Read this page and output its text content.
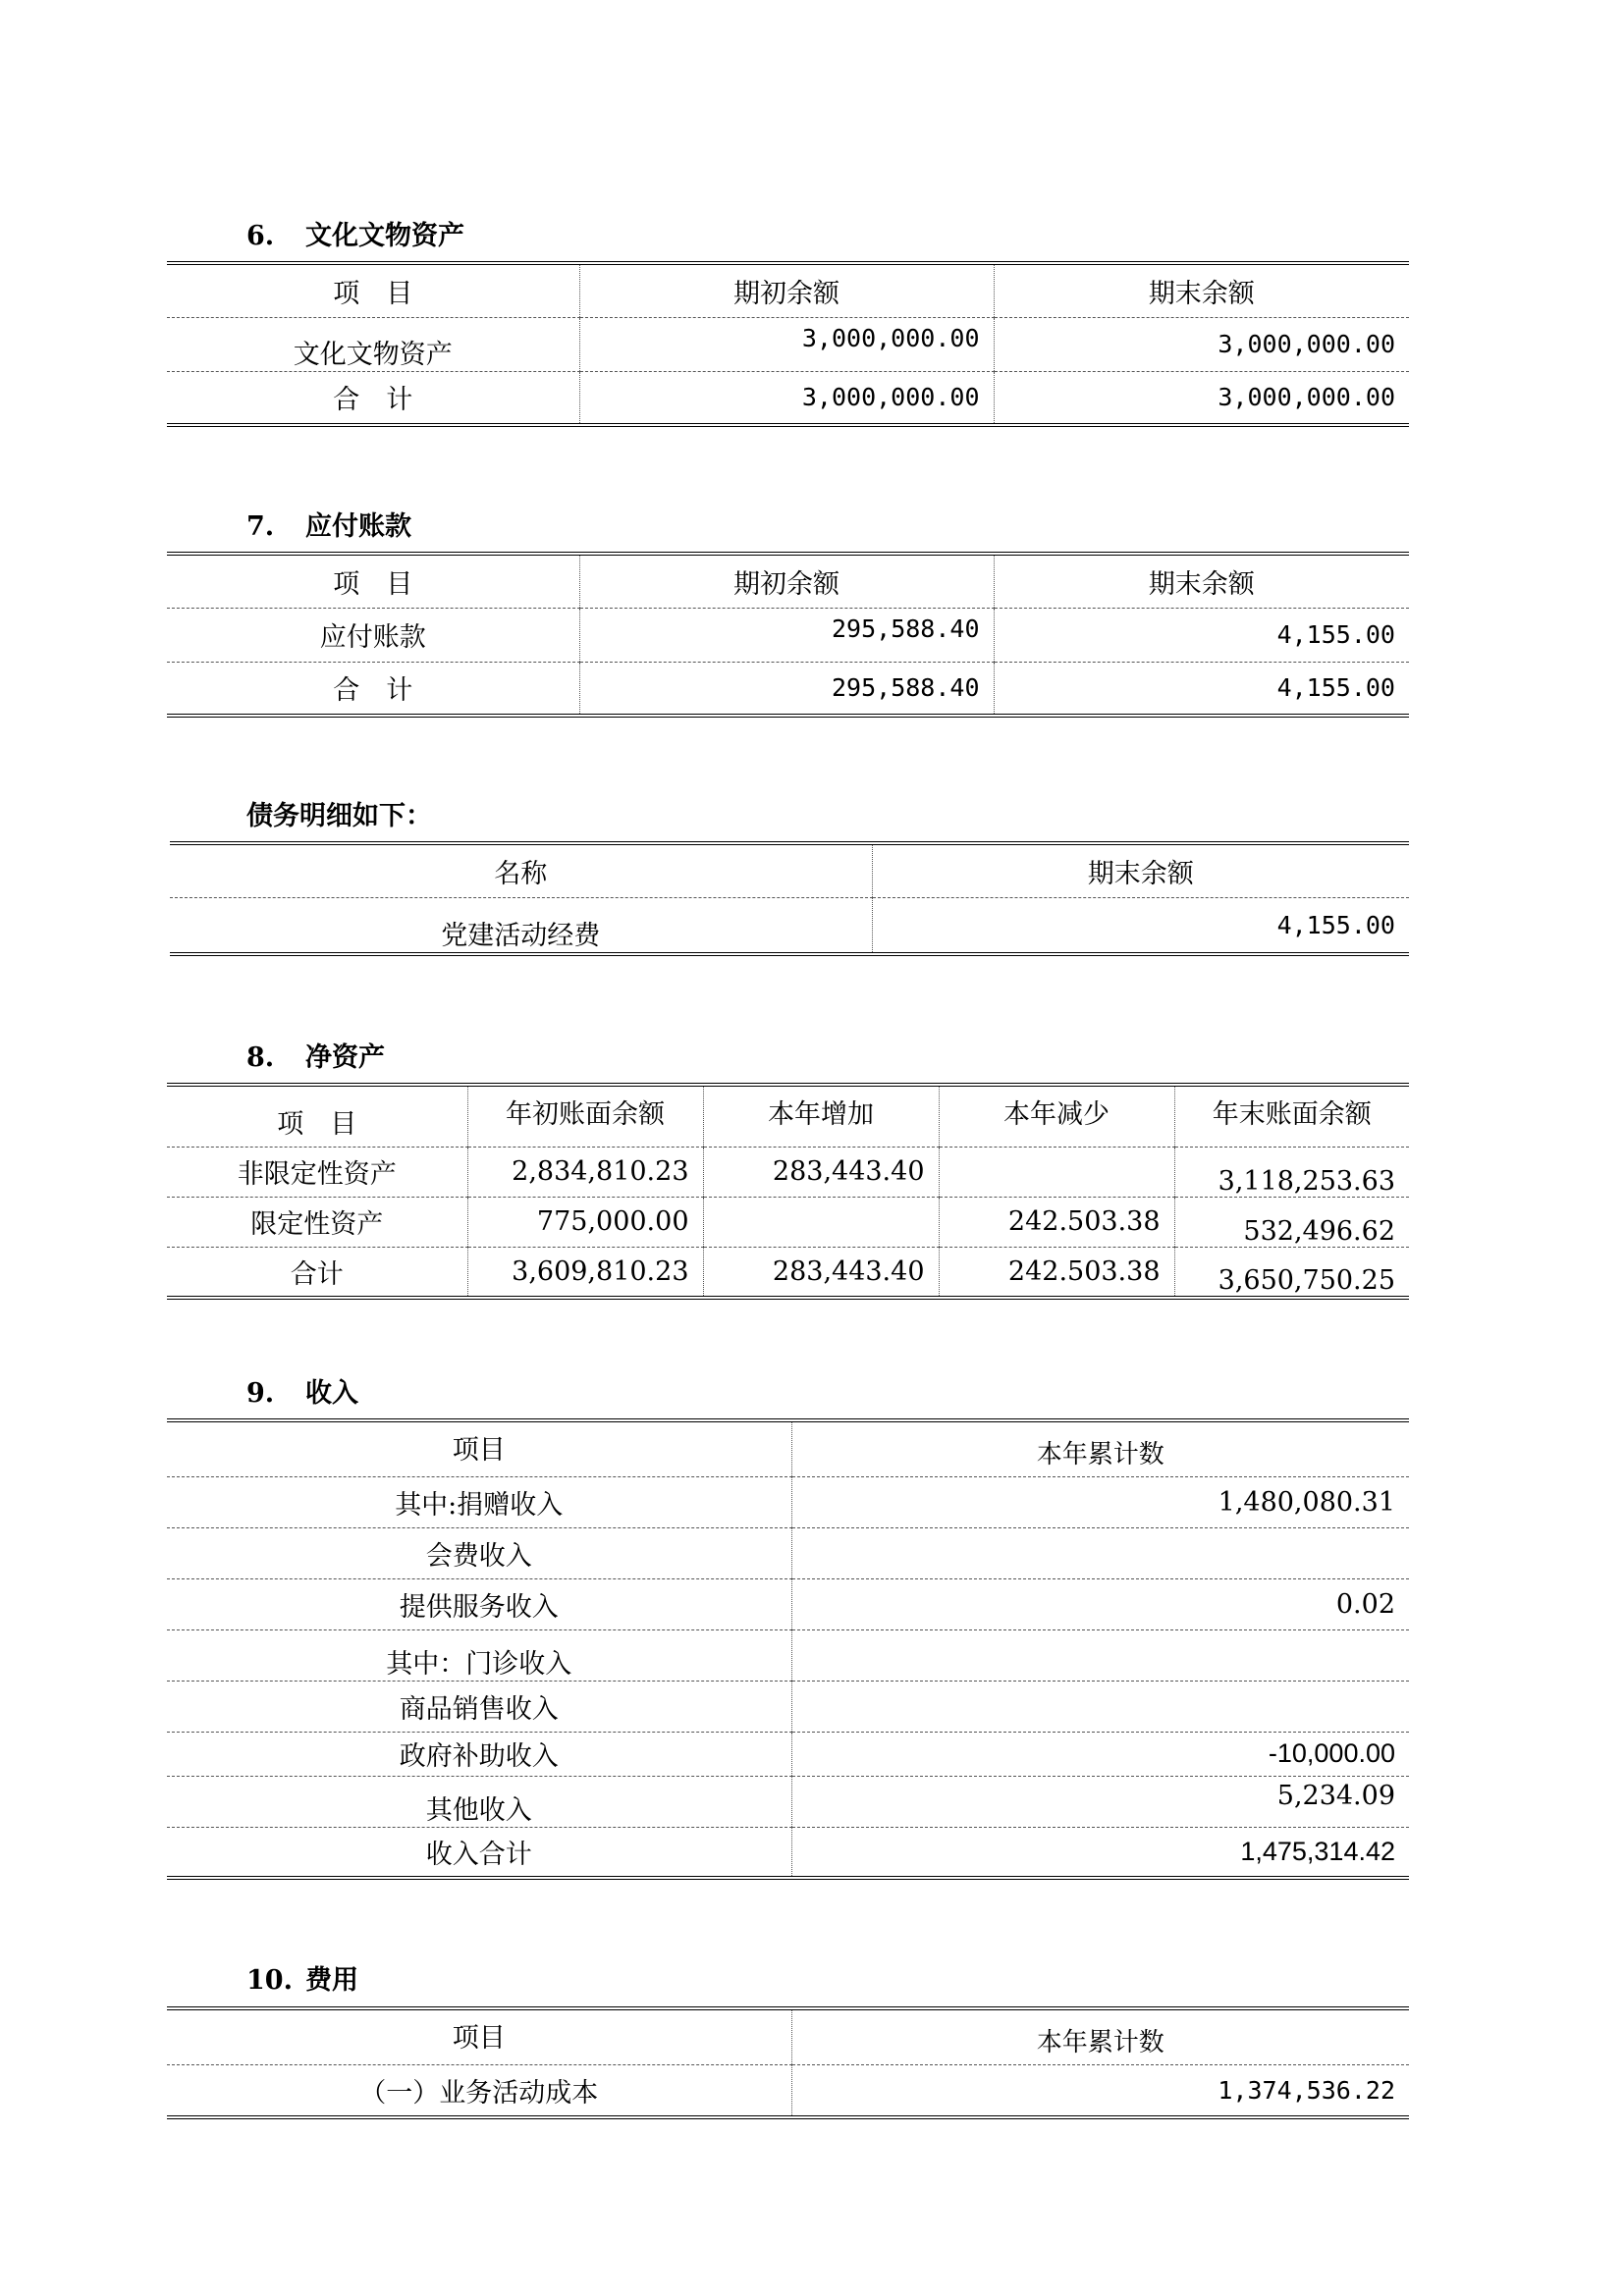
6. 文化文物资产
项　目	期初余额	期末余额
文化文物资产	3,000,000.00	3,000,000.00
合　计	3,000,000.00	3,000,000.00
7. 应付账款
项　目	期初余额	期末余额
应付账款	295,588.40	4,155.00
合　计	295,588.40	4,155.00
债务明细如下：
名称	期末余额
党建活动经费	4,155.00
8. 净资产
项　目	年初账面余额	本年增加	本年减少	年末账面余额
非限定性资产	2,834,810.23	283,443.40		3,118,253.63
限定性资产	775,000.00		242.503.38	532,496.62
合计	3,609,810.23	283,443.40	242.503.38	3,650,750.25
9. 收入
项目	本年累计数
其中:捐赠收入	1,480,080.31
会费收入	
提供服务收入	0.02
其中：门诊收入	
商品销售收入	
政府补助收入	-10,000.00
其他收入	5,234.09
收入合计	1,475,314.42
10. 费用
项目	本年累计数
（一）业务活动成本	1,374,536.22
